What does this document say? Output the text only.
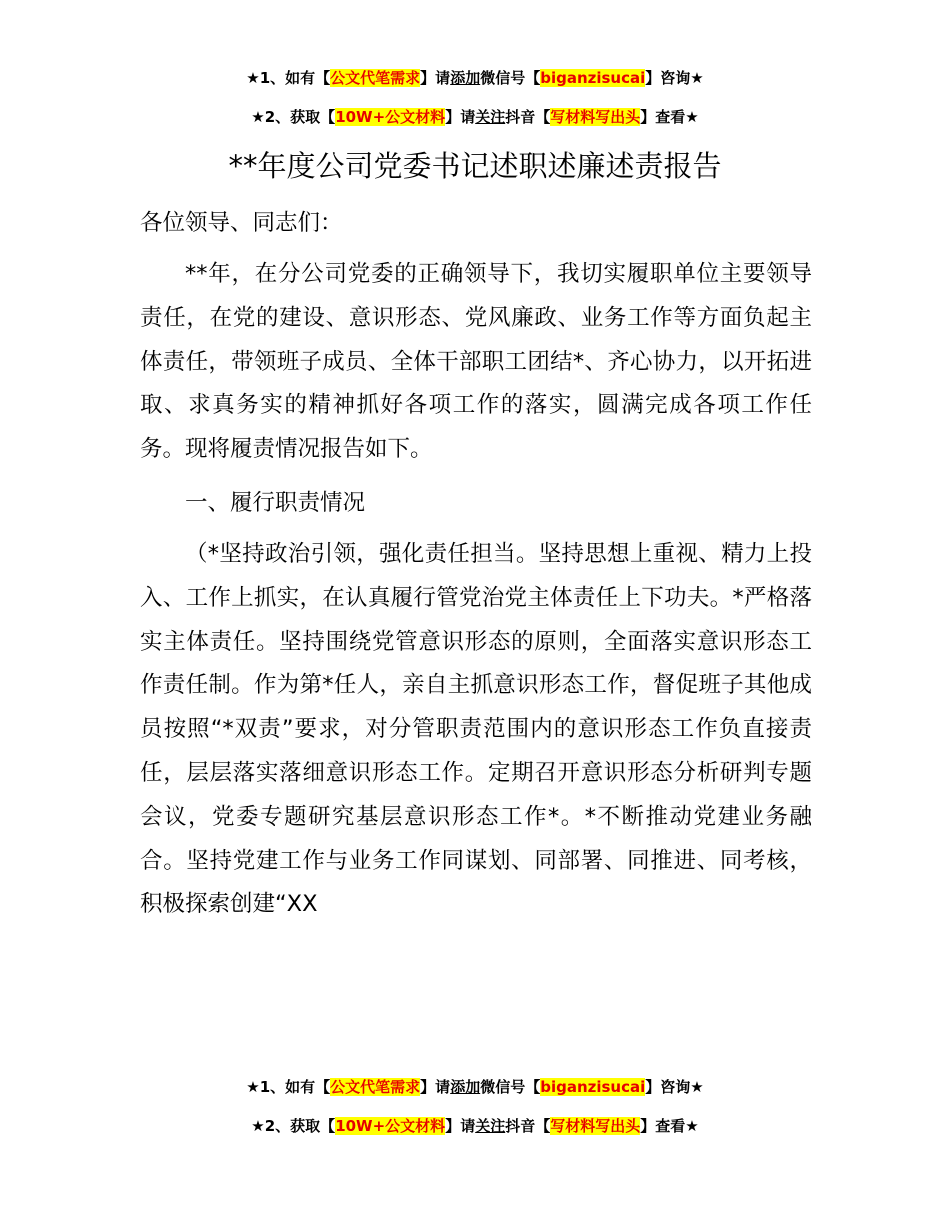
★1、如有【公文代笔需求】请添加微信号【biganzisucai】咨询★
★2、获取【10W+公文材料】请关注抖音【写材料写出头】查看★
**年度公司党委书记述职述廉述责报告
各位领导、同志们：

**年，在分公司党委的正确领导下，我切实履职单位主要领导责任，在党的建设、意识形态、党风廉政、业务工作等方面负起主体责任，带领班子成员、全体干部职工团结*、齐心协力，以开拓进取、求真务实的精神抓好各项工作的落实，圆满完成各项工作任务。现将履责情况报告如下。

一、履行职责情况

（*坚持政治引领，强化责任担当。坚持思想上重视、精力上投入、工作上抓实，在认真履行管党治党主体责任上下功夫。*严格落实主体责任。坚持围绕党管意识形态的原则，全面落实意识形态工作责任制。作为第*任人，亲自主抓意识形态工作，督促班子其他成员按照“*双责”要求，对分管职责范围内的意识形态工作负直接责任，层层落实落细意识形态工作。定期召开意识形态分析研判专题会议，党委专题研究基层意识形态工作*。*不断推动党建业务融合。坚持党建工作与业务工作同谋划、同部署、同推进、同考核，积极探索创建“XX

★1、如有【公文代笔需求】请添加微信号【biganzisucai】咨询★
★2、获取【10W+公文材料】请关注抖音【写材料写出头】查看★
